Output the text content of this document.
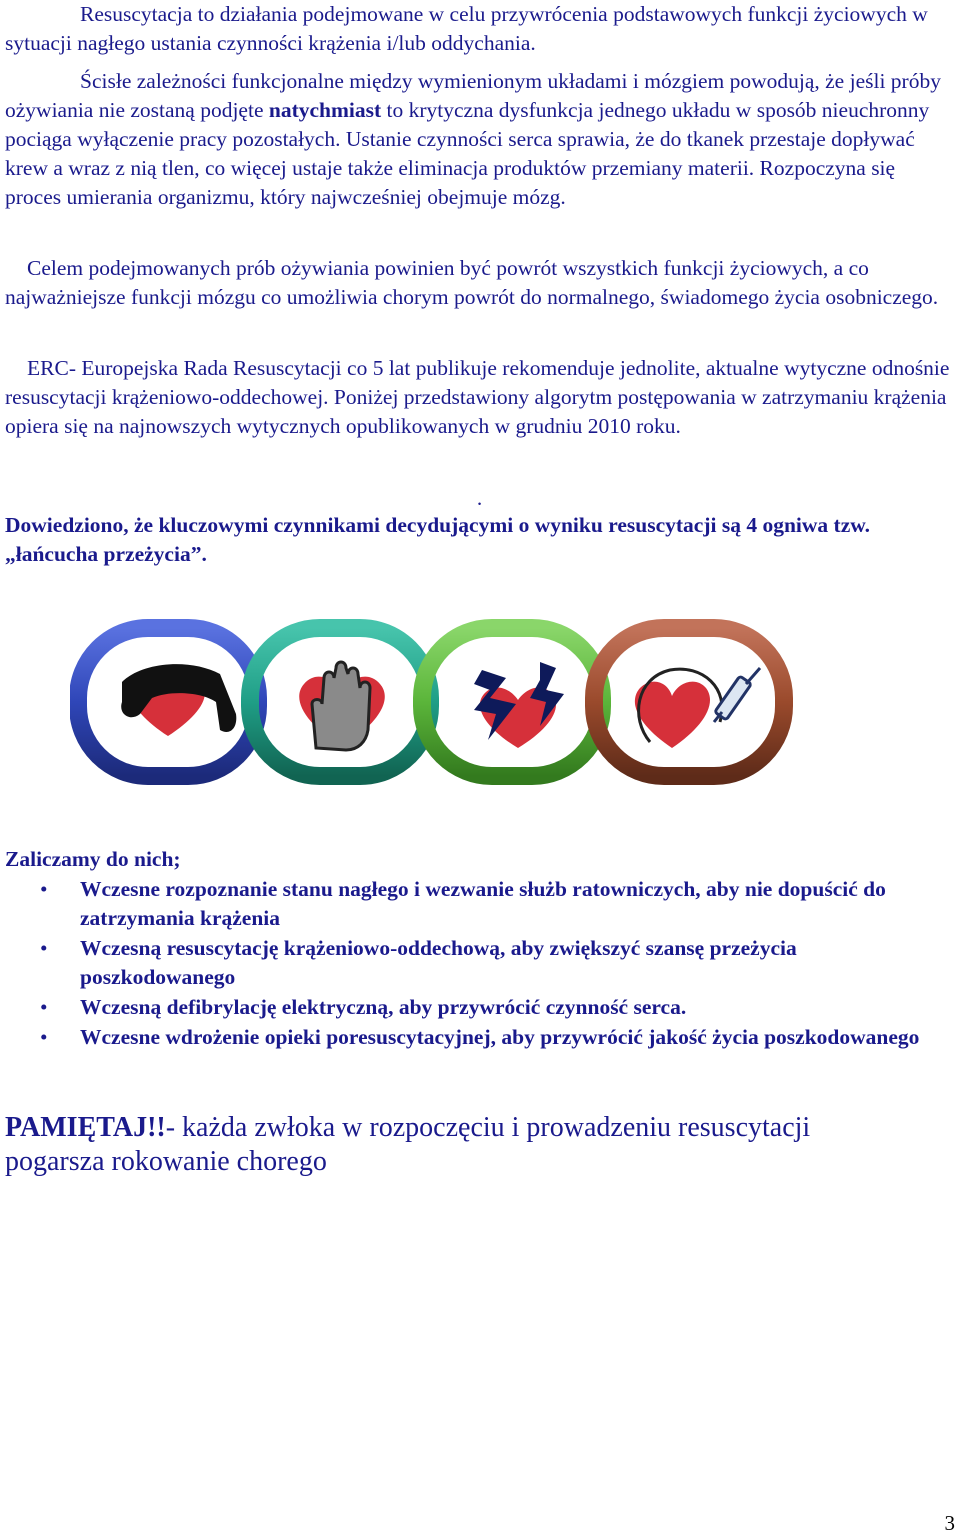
Resuscytacja to działania podejmowane w celu przywrócenia podstawowych funkcji życiowych w sytuacji nagłego ustania czynności krążenia i/lub oddychania.

Ścisłe zależności funkcjonalne między wymienionym układami i mózgiem powodują, że jeśli próby ożywiania nie zostaną podjęte natychmiast to krytyczna dysfunkcja jednego układu w sposób nieuchronny pociąga wyłączenie pracy pozostałych. Ustanie czynności serca sprawia, że do tkanek przestaje dopływać krew a wraz z nią tlen, co więcej ustaje także eliminacja produktów przemiany materii. Rozpoczyna się proces umierania organizmu, który najwcześniej obejmuje mózg.

Celem podejmowanych prób ożywiania powinien być powrót wszystkich funkcji życiowych, a co najważniejsze funkcji mózgu co umożliwia chorym powrót do normalnego, świadomego życia osobniczego.

ERC- Europejska Rada Resuscytacji co 5 lat publikuje rekomenduje jednolite, aktualne wytyczne odnośnie resuscytacji krążeniowo-oddechowej. Poniżej przedstawiony algorytm postępowania w zatrzymaniu krążenia opiera się na najnowszych wytycznych opublikowanych w grudniu 2010 roku.

.

Dowiedziono, że kluczowymi czynnikami decydującymi o wyniku resuscytacji są 4 ogniwa tzw. „łańcucha przeżycia”.

Zaliczamy do nich;
• Wczesne rozpoznanie stanu nagłego i wezwanie służb ratowniczych, aby nie dopuścić do zatrzymania krążenia
• Wczesną resuscytację krążeniowo-oddechową, aby zwiększyć szansę przeżycia poszkodowanego
• Wczesną defibrylację elektryczną, aby przywrócić czynność serca.
• Wczesne wdrożenie opieki poresuscytacyjnej, aby przywrócić jakość życia poszkodowanego
PAMIĘTAJ!!- każda zwłoka w rozpoczęciu i prowadzeniu resuscytacji pogarsza rokowanie chorego
3
